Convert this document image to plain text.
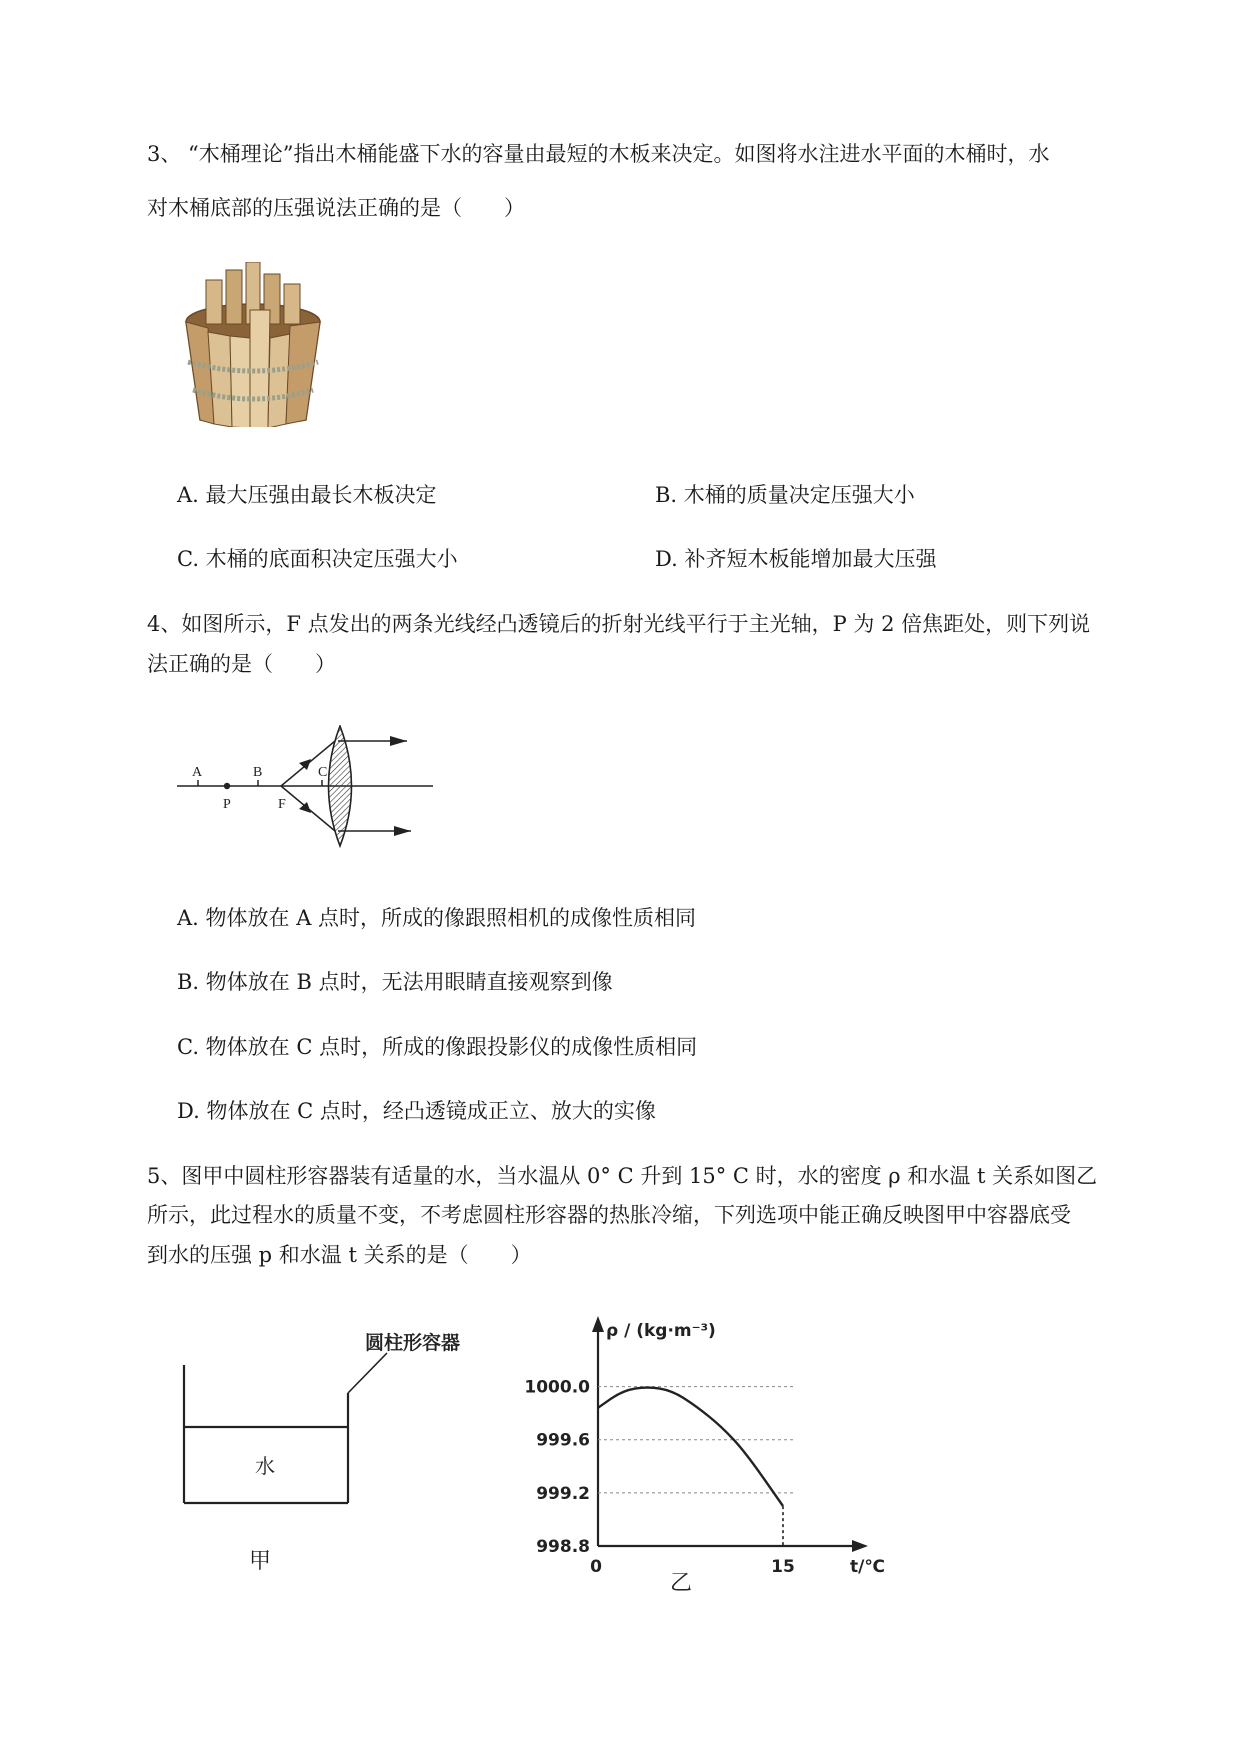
3、 “木桶理论”指出木桶能盛下水的容量由最短的木板来决定。如图将水注进水平面的木桶时，水
对木桶底部的压强说法正确的是（　　）
A. 最大压强由最长木板决定	B. 木桶的质量决定压强大小
C. 木桶的底面积决定压强大小	D. 补齐短木板能增加最大压强
4、如图所示，F 点发出的两条光线经凸透镜后的折射光线平行于主光轴，P 为 2 倍焦距处，则下列说
法正确的是（　　）
A	B	C
P	F
A. 物体放在 A 点时，所成的像跟照相机的成像性质相同
B. 物体放在 B 点时，无法用眼睛直接观察到像
C. 物体放在 C 点时，所成的像跟投影仪的成像性质相同
D. 物体放在 C 点时，经凸透镜成正立、放大的实像
5、图甲中圆柱形容器装有适量的水，当水温从 0° C 升到 15° C 时，水的密度 ρ 和水温 t 关系如图乙
所示，此过程水的质量不变，不考虑圆柱形容器的热胀冷缩，下列选项中能正确反映图甲中容器底受
到水的压强 p 和水温 t 关系的是（　　）
圆柱形容器
水
甲
1000.0
999.6
999.2
998.8
0	15
ρ / (kg·m⁻³)
t/℃
乙
